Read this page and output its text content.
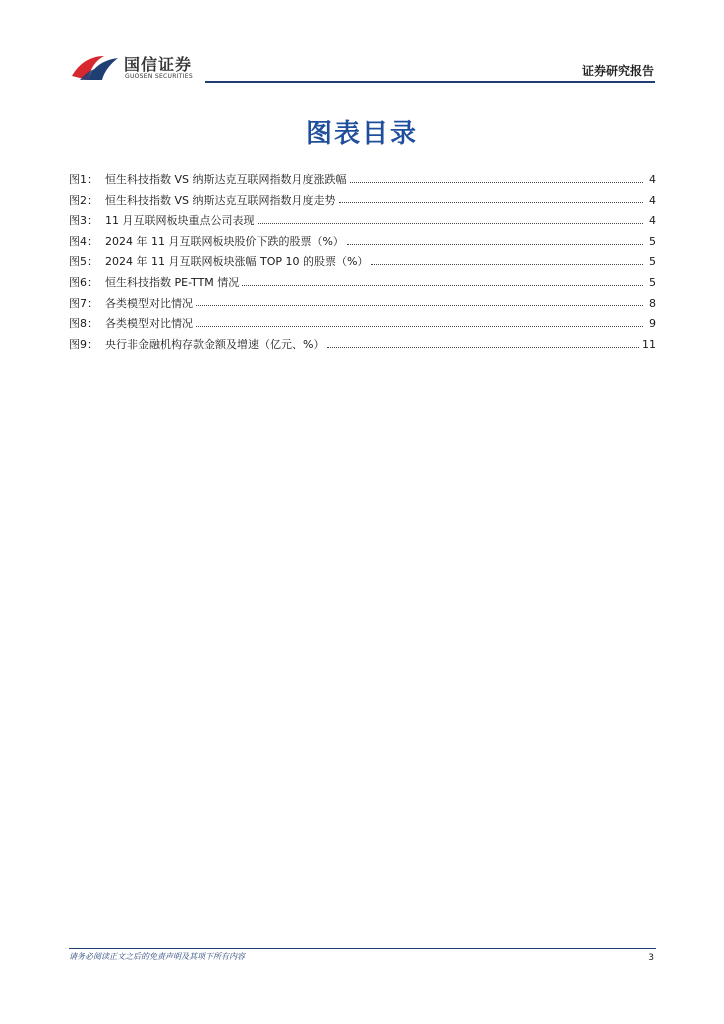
国信证券
GUOSEN SECURITIES	证券研究报告
图表目录
图1： 恒生科技指数 VS 纳斯达克互联网指数月度涨跌幅	4
图2： 恒生科技指数 VS 纳斯达克互联网指数月度走势	4
图3： 11 月互联网板块重点公司表现	4
图4： 2024 年 11 月互联网板块股价下跌的股票（%）	5
图5： 2024 年 11 月互联网板块涨幅 TOP 10 的股票（%）	5
图6： 恒生科技指数 PE-TTM 情况	5
图7： 各类模型对比情况	8
图8： 各类模型对比情况	9
图9： 央行非金融机构存款金额及增速（亿元、%）	11
请务必阅读正文之后的免责声明及其项下所有内容	3
